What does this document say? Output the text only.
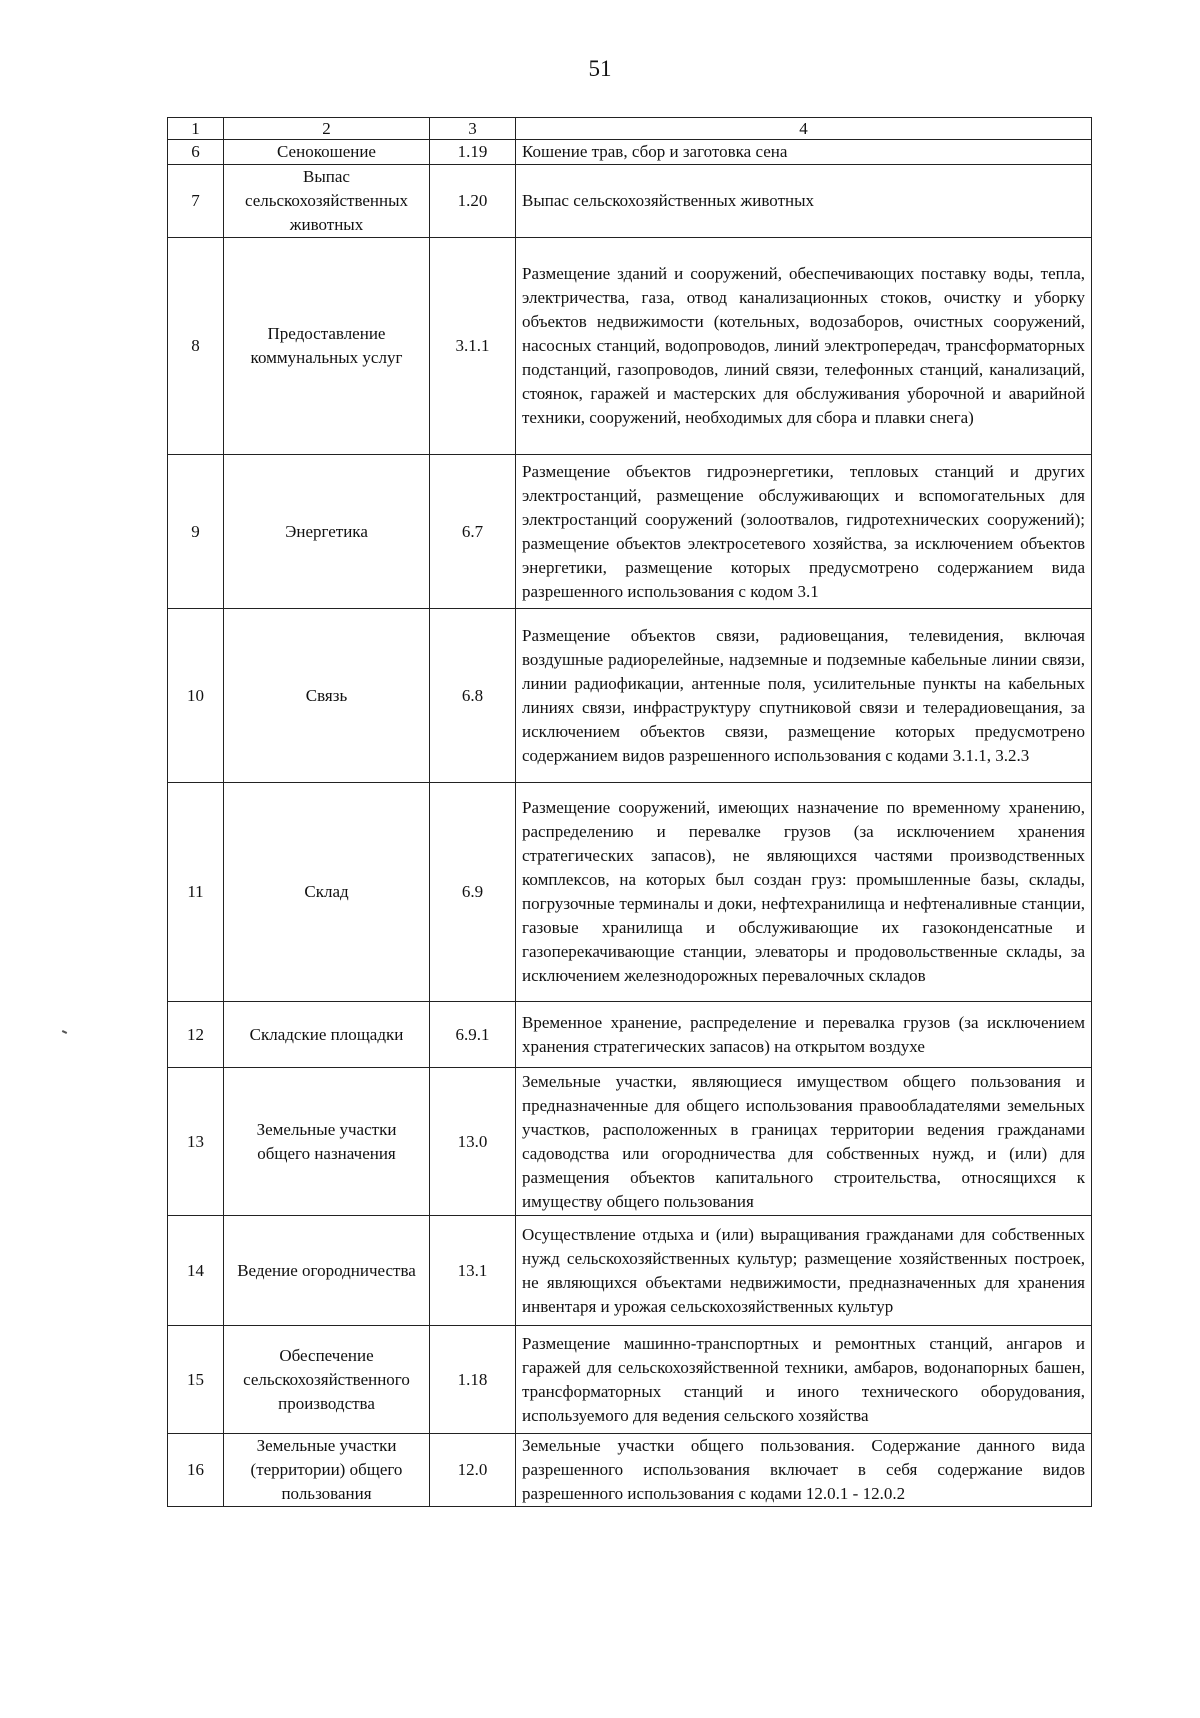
51
1	2	3	4
6	Сенокошение	1.19	Кошение трав, сбор и заготовка сена
7	Выпас сельскохозяйственных животных	1.20	Выпас сельскохозяйственных животных
8	Предоставление коммунальных услуг	3.1.1	Размещение зданий и сооружений, обеспечивающих поставку воды, тепла, электричества, газа, отвод канализационных стоков, очистку и уборку объектов недвижимости (котельных, водозаборов, очистных сооружений, насосных станций, водопроводов, линий электропередач, трансформаторных подстанций, газопроводов, линий связи, телефонных станций, канализаций, стоянок, гаражей и мастерских для обслуживания уборочной и аварийной техники, сооружений, необходимых для сбора и плавки снега)
9	Энергетика	6.7	Размещение объектов гидроэнергетики, тепловых станций и других электростанций, размещение обслуживающих и вспомогательных для электростанций сооружений (золоотвалов, гидротехнических сооружений); размещение объектов электросетевого хозяйства, за исключением объектов энергетики, размещение которых предусмотрено содержанием вида разрешенного использования с кодом 3.1
10	Связь	6.8	Размещение объектов связи, радиовещания, телевидения, включая воздушные радиорелейные, надземные и подземные кабельные линии связи, линии радиофикации, антенные поля, усилительные пункты на кабельных линиях связи, инфраструктуру спутниковой связи и телерадиовещания, за исключением объектов связи, размещение которых предусмотрено содержанием видов разрешенного использования с кодами 3.1.1, 3.2.3
11	Склад	6.9	Размещение сооружений, имеющих назначение по временному хранению, распределению и перевалке грузов (за исключением хранения стратегических запасов), не являющихся частями производственных комплексов, на которых был создан груз: промышленные базы, склады, погрузочные терминалы и доки, нефтехранилища и нефтеналивные станции, газовые хранилища и обслуживающие их газоконденсатные и газоперекачивающие станции, элеваторы и продовольственные склады, за исключением железнодорожных перевалочных складов
12	Складские площадки	6.9.1	Временное хранение, распределение и перевалка грузов (за исключением хранения стратегических запасов) на открытом воздухе
13	Земельные участки общего назначения	13.0	Земельные участки, являющиеся имуществом общего пользования и предназначенные для общего использования правообладателями земельных участков, расположенных в границах территории ведения гражданами садоводства или огородничества для собственных нужд, и (или) для размещения объектов капитального строительства, относящихся к имуществу общего пользования
14	Ведение огородничества	13.1	Осуществление отдыха и (или) выращивания гражданами для собственных нужд сельскохозяйственных культур; размещение хозяйственных построек, не являющихся объектами недвижимости, предназначенных для хранения инвентаря и урожая сельскохозяйственных культур
15	Обеспечение сельскохозяйственного производства	1.18	Размещение машинно-транспортных и ремонтных станций, ангаров и гаражей для сельскохозяйственной техники, амбаров, водонапорных башен, трансформаторных станций и иного технического оборудования, используемого для ведения сельского хозяйства
16	Земельные участки (территории) общего пользования	12.0	Земельные участки общего пользования. Содержание данного вида разрешенного использования включает в себя содержание видов разрешенного использования с кодами 12.0.1 - 12.0.2
